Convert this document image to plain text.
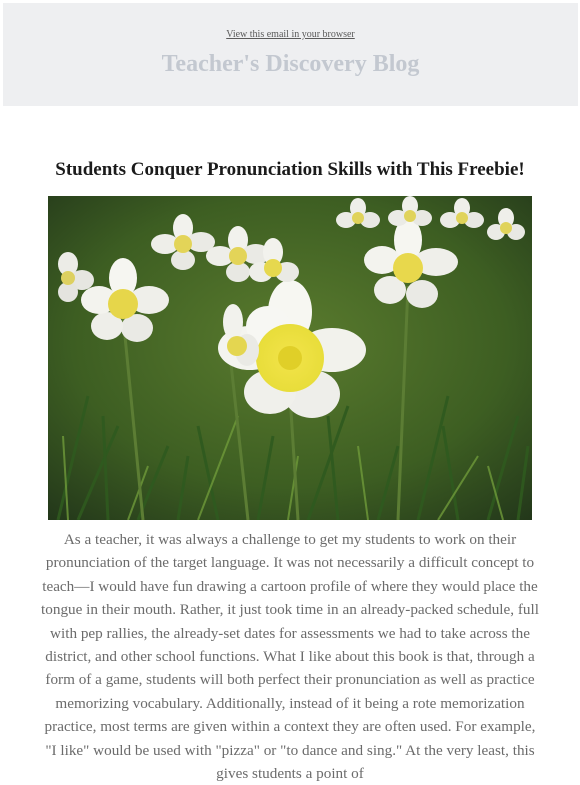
View this email in your browser
Teacher's Discovery Blog
Students Conquer Pronunciation Skills with This Freebie!
As a teacher, it was always a challenge to get my students to work on their pronunciation of the target language. It was not necessarily a difficult concept to teach—I would have fun drawing a cartoon profile of where they would place the tongue in their mouth. Rather, it just took time in an already-packed schedule, full with pep rallies, the already-set dates for assessments we had to take across the district, and other school functions. What I like about this book is that, through a form of a game, students will both perfect their pronunciation as well as practice memorizing vocabulary. Additionally, instead of it being a rote memorization practice, most terms are given within a context they are often used. For example, "I like" would be used with "pizza" or "to dance and sing." At the very least, this gives students a point of
